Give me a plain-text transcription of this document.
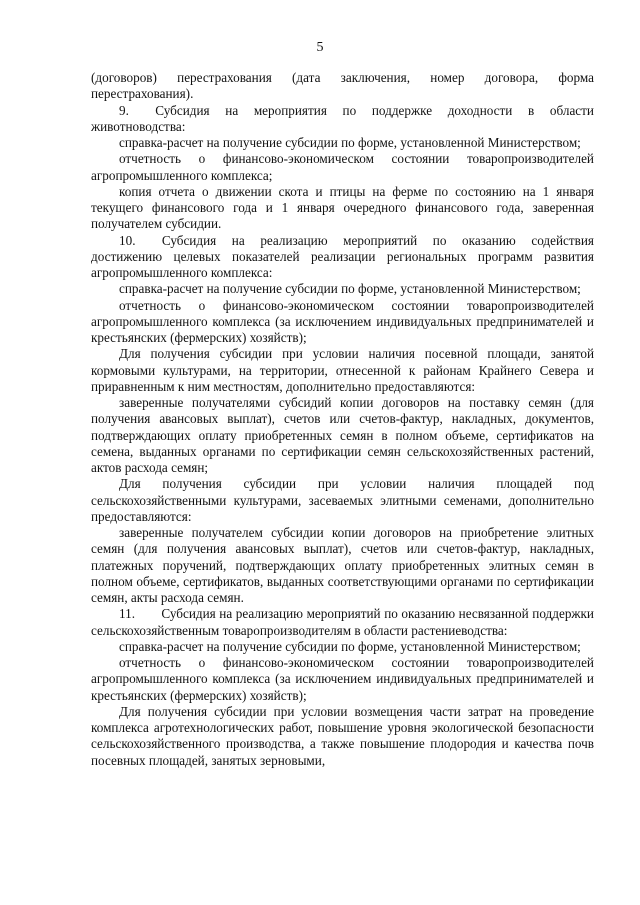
5

(договоров) перестрахования (дата заключения, номер договора, форма перестрахования).

9.  Субсидия на мероприятия по поддержке доходности в области животноводства:

справка-расчет на получение субсидии по форме, установленной Министерством;

отчетность о финансово-экономическом состоянии товаропроизводителей агропромышленного комплекса;

копия отчета о движении скота и птицы на ферме по состоянию на 1 января текущего финансового года и 1 января очередного финансового года, заверенная получателем субсидии.

10.  Субсидия на реализацию мероприятий по оказанию содействия достижению целевых показателей реализации региональных программ развития агропромышленного комплекса:

справка-расчет на получение субсидии по форме, установленной Министерством;

отчетность о финансово-экономическом состоянии товаропроизводителей агропромышленного комплекса (за исключением индивидуальных предпринимателей и крестьянских (фермерских) хозяйств);

Для получения субсидии при условии наличия посевной площади, занятой кормовыми культурами, на территории, отнесенной к районам Крайнего Севера и приравненным к ним местностям, дополнительно предоставляются:

заверенные получателями субсидий копии договоров на поставку семян (для получения авансовых выплат), счетов или счетов-фактур, накладных, документов, подтверждающих оплату приобретенных семян в полном объеме, сертификатов на семена, выданных органами по сертификации семян сельскохозяйственных растений, актов расхода семян;

Для получения субсидии при условии наличия площадей под сельскохозяйственными культурами, засеваемых элитными семенами, дополнительно предоставляются:

заверенные получателем субсидии копии договоров на приобретение элитных семян (для получения авансовых выплат), счетов или счетов-фактур, накладных, платежных поручений, подтверждающих оплату приобретенных элитных семян в полном объеме, сертификатов, выданных соответствующими органами по сертификации семян, акты расхода семян.

11.  Субсидия на реализацию мероприятий по оказанию несвязанной поддержки сельскохозяйственным товаропроизводителям в области растениеводства:

справка-расчет на получение субсидии по форме, установленной Министерством;

отчетность о финансово-экономическом состоянии товаропроизводителей агропромышленного комплекса (за исключением индивидуальных предпринимателей и крестьянских (фермерских) хозяйств);

Для получения субсидии при условии возмещения части затрат на проведение комплекса агротехнологических работ, повышение уровня экологической безопасности сельскохозяйственного производства, а также повышение плодородия и качества почв посевных площадей, занятых зерновыми,
